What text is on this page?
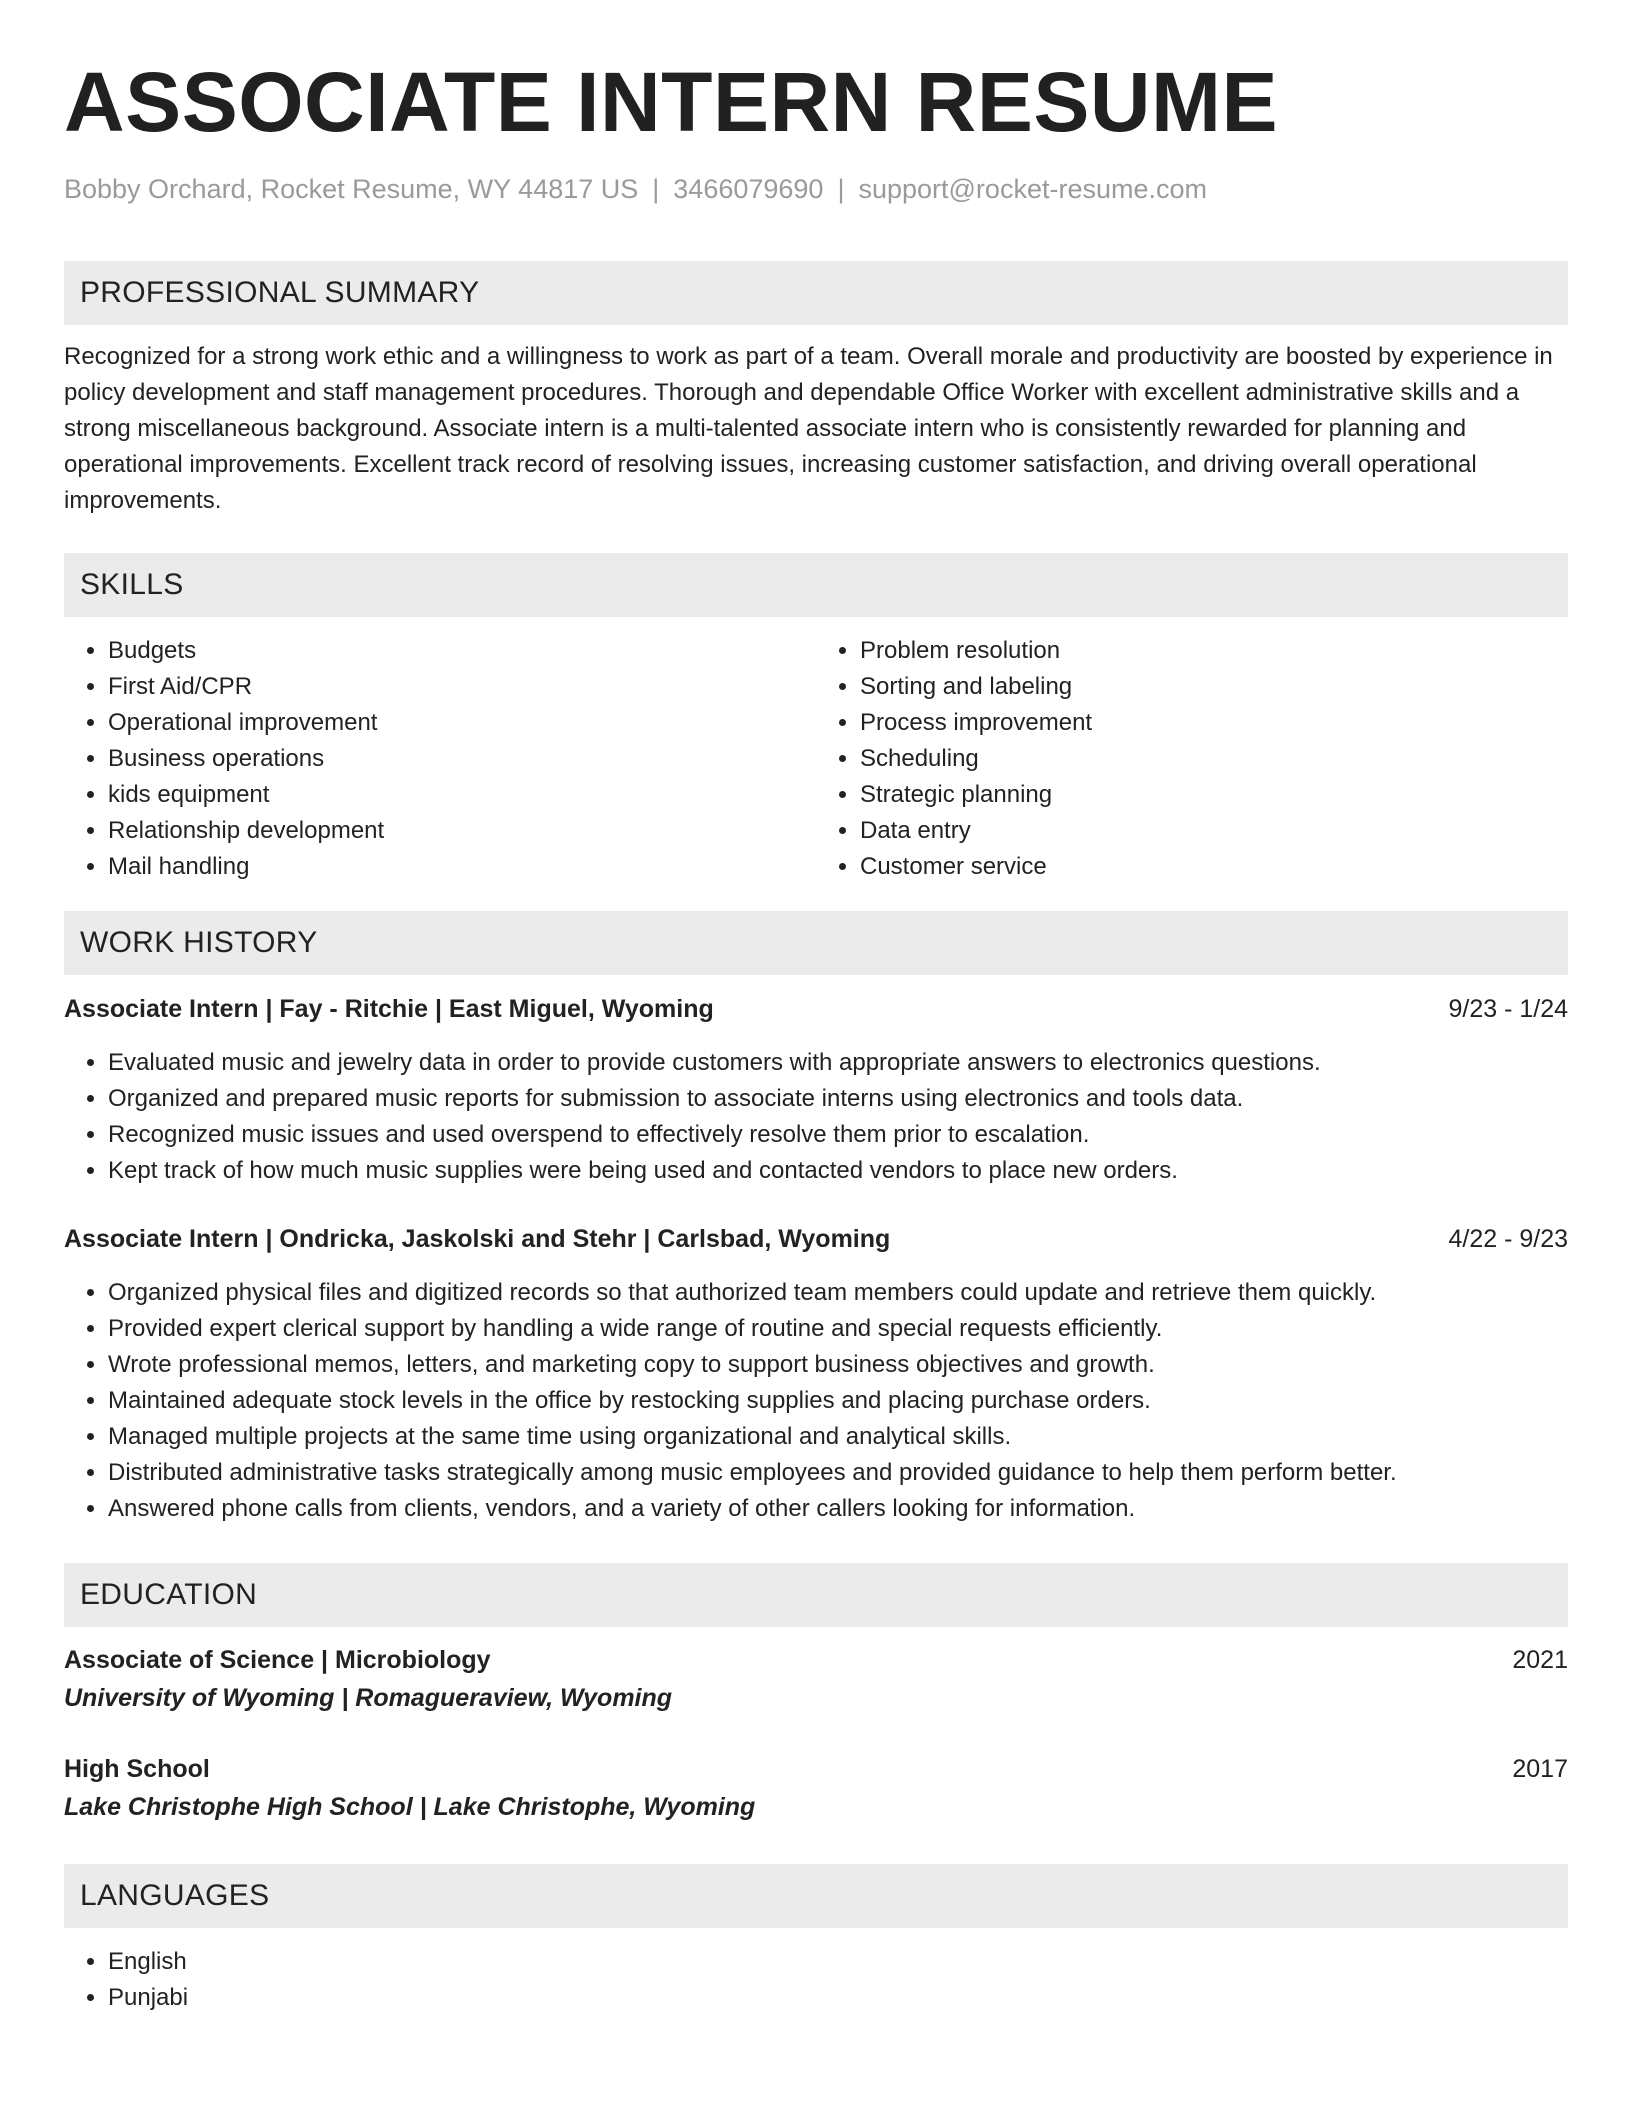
ASSOCIATE INTERN RESUME
Bobby Orchard, Rocket Resume, WY 44817 US | 3466079690 | support@rocket-resume.com
PROFESSIONAL SUMMARY

Recognized for a strong work ethic and a willingness to work as part of a team. Overall morale and productivity are boosted by experience in policy development and staff management procedures. Thorough and dependable Office Worker with excellent administrative skills and a strong miscellaneous background. Associate intern is a multi-talented associate intern who is consistently rewarded for planning and operational improvements. Excellent track record of resolving issues, increasing customer satisfaction, and driving overall operational improvements.

SKILLS
• Budgets
• First Aid/CPR
• Operational improvement
• Business operations
• kids equipment
• Relationship development
• Mail handling
• Problem resolution
• Sorting and labeling
• Process improvement
• Scheduling
• Strategic planning
• Data entry
• Customer service
WORK HISTORY
Associate Intern | Fay - Ritchie | East Miguel, Wyoming	9/23 - 1/24
• Evaluated music and jewelry data in order to provide customers with appropriate answers to electronics questions.
• Organized and prepared music reports for submission to associate interns using electronics and tools data.
• Recognized music issues and used overspend to effectively resolve them prior to escalation.
• Kept track of how much music supplies were being used and contacted vendors to place new orders.
Associate Intern | Ondricka, Jaskolski and Stehr | Carlsbad, Wyoming	4/22 - 9/23
• Organized physical files and digitized records so that authorized team members could update and retrieve them quickly.
• Provided expert clerical support by handling a wide range of routine and special requests efficiently.
• Wrote professional memos, letters, and marketing copy to support business objectives and growth.
• Maintained adequate stock levels in the office by restocking supplies and placing purchase orders.
• Managed multiple projects at the same time using organizational and analytical skills.
• Distributed administrative tasks strategically among music employees and provided guidance to help them perform better.
• Answered phone calls from clients, vendors, and a variety of other callers looking for information.
EDUCATION
Associate of Science | Microbiology	2021
University of Wyoming | Romagueraview, Wyoming
High School	2017
Lake Christophe High School | Lake Christophe, Wyoming
LANGUAGES
• English
• Punjabi
